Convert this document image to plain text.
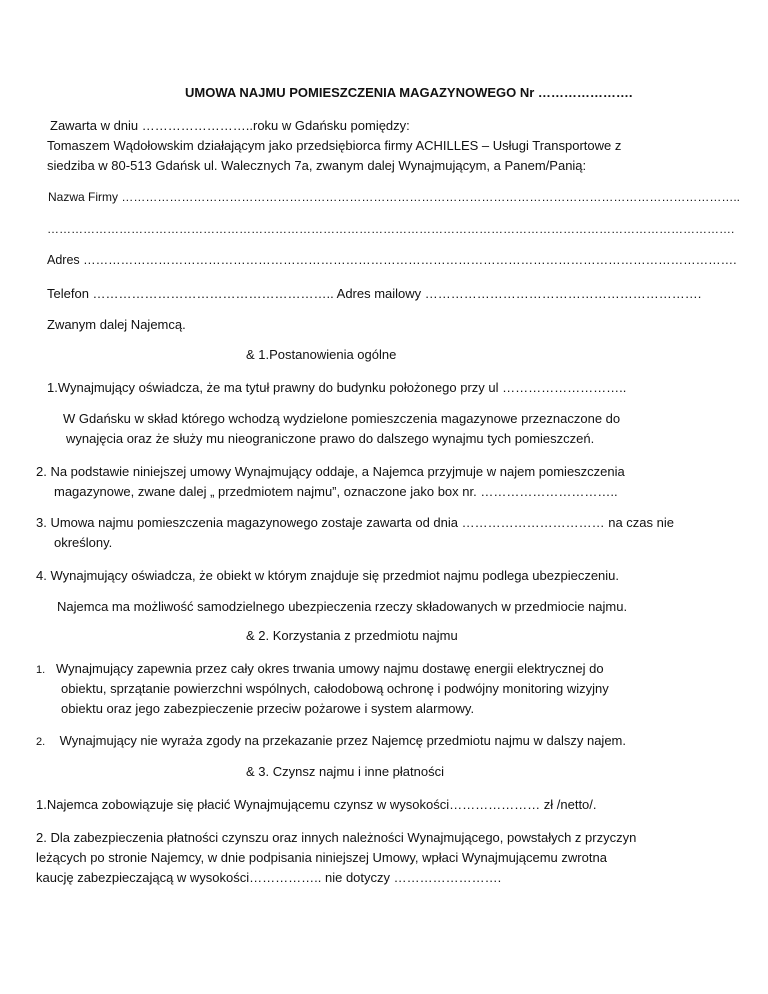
UMOWA NAJMU POMIESZCZENIA MAGAZYNOWEGO Nr ………………….
Zawarta w dniu ……………………..roku w Gdańsku pomiędzy:
Tomaszem Wądołowskim działającym jako przedsiębiorca firmy ACHILLES – Usługi Transportowe z
siedziba w 80-513 Gdańsk ul. Walecznych 7a, zwanym dalej Wynajmującym, a Panem/Panią:
Nazwa Firmy ………………………………………………………………………………………………………………………………………..
……………………………………………………………………………………………………………………………………………………….
Adres ………………………………………………………………………………………………………………………………………….
Telefon ……………………………………………….. Adres mailowy ……………………………………………………….
Zwanym dalej Najemcą.
& 1.Postanowienia ogólne
1.Wynajmujący oświadcza, że ma tytuł prawny do budynku położonego przy ul ………………………..
W Gdańsku w skład którego wchodzą wydzielone pomieszczenia magazynowe przeznaczone do
wynajęcia oraz że służy mu nieograniczone prawo do dalszego wynajmu tych pomieszczeń.
2. Na podstawie niniejszej umowy Wynajmujący oddaje, a Najemca przyjmuje w najem pomieszczenia
magazynowe, zwane dalej „ przedmiotem najmu”, oznaczone jako box nr. …………………………..
3. Umowa najmu pomieszczenia magazynowego zostaje zawarta od dnia …………………………… na czas nie
określony.
4. Wynajmujący oświadcza, że obiekt w którym znajduje się przedmiot najmu podlega ubezpieczeniu.
Najemca ma możliwość samodzielnego ubezpieczenia rzeczy składowanych w przedmiocie najmu.
& 2. Korzystania z przedmiotu najmu
1. Wynajmujący zapewnia przez cały okres trwania umowy najmu dostawę energii elektrycznej do
obiektu, sprzątanie powierzchni wspólnych, całodobową ochronę i podwójny monitoring wizyjny
obiektu oraz jego zabezpieczenie przeciw pożarowe i system alarmowy.
2. Wynajmujący nie wyraża zgody na przekazanie przez Najemcę przedmiotu najmu w dalszy najem.
& 3. Czynsz najmu i inne płatności
1.Najemca zobowiązuje się płacić Wynajmującemu czynsz w wysokości………………… zł /netto/.
2. Dla zabezpieczenia płatności czynszu oraz innych należności Wynajmującego, powstałych z przyczyn
leżących po stronie Najemcy, w dnie podpisania niniejszej Umowy, wpłaci Wynajmującemu zwrotna
kaucję zabezpieczającą w wysokości…………….. nie dotyczy …………………….
